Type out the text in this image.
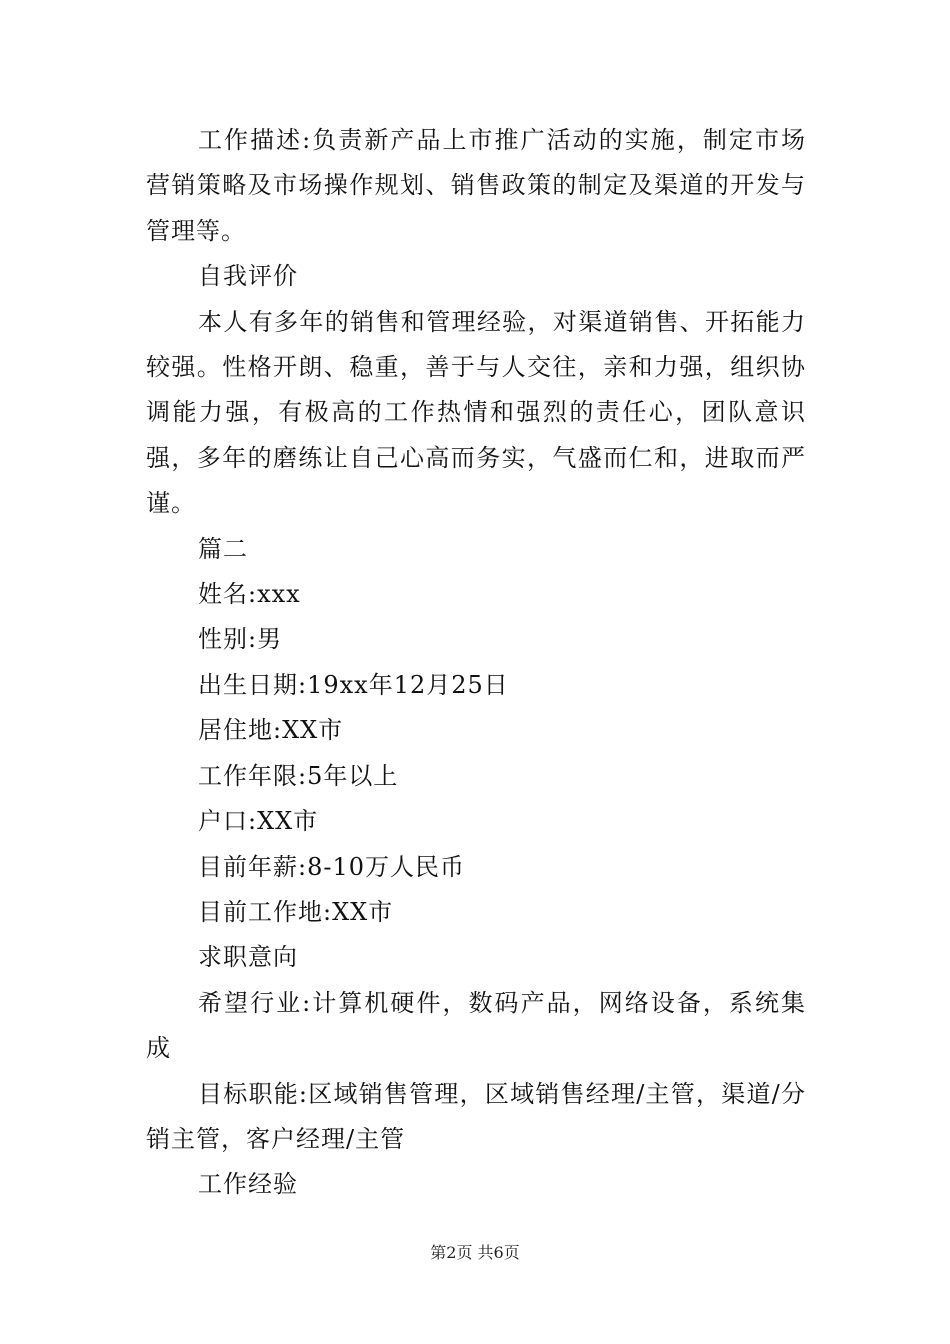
工作描述:负责新产品上市推广活动的实施，制定市场营销策略及市场操作规划、销售政策的制定及渠道的开发与管理等。

自我评价

本人有多年的销售和管理经验，对渠道销售、开拓能力较强。性格开朗、稳重，善于与人交往，亲和力强，组织协调能力强，有极高的工作热情和强烈的责任心，团队意识强，多年的磨练让自己心高而务实，气盛而仁和，进取而严谨。

篇二

姓名:xxx

性别:男

出生日期:19xx年12月25日

居住地:XX市

工作年限:5年以上

户口:XX市

目前年薪:8-10万人民币

目前工作地:XX市

求职意向

希望行业:计算机硬件，数码产品，网络设备，系统集成

目标职能:区域销售管理，区域销售经理/主管，渠道/分销主管，客户经理/主管

工作经验

第2页 共6页
